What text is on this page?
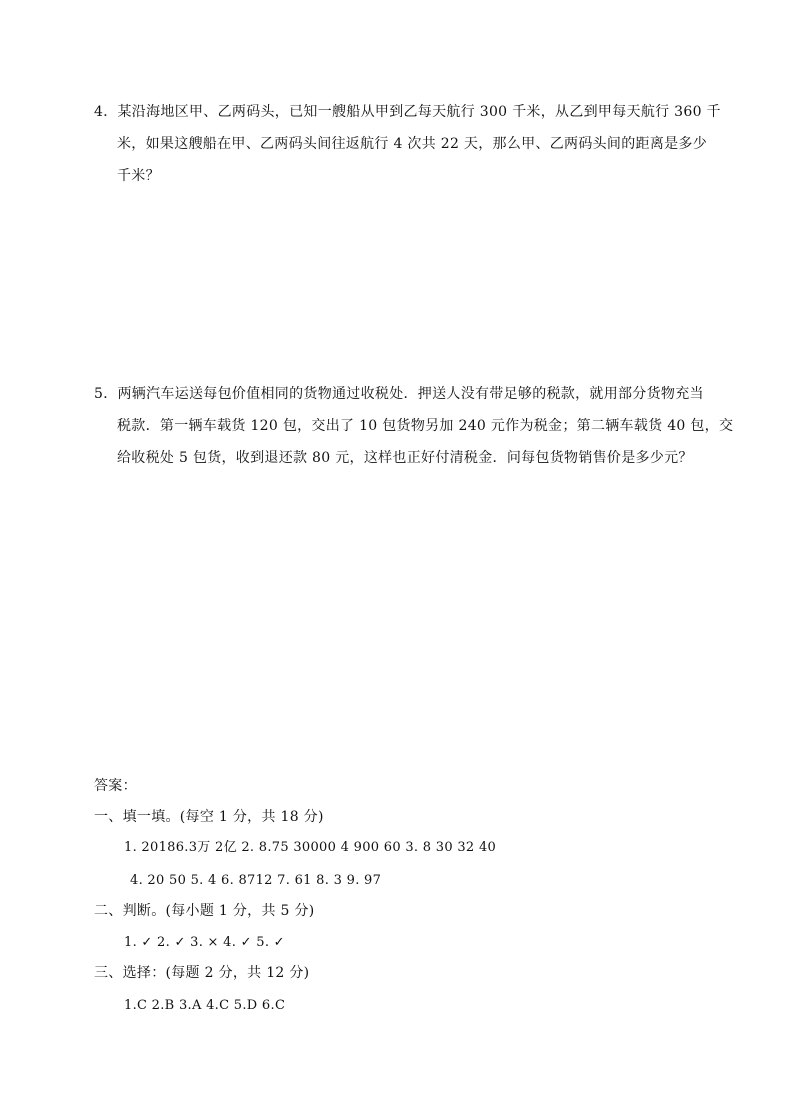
4．某沿海地区甲、乙两码头，已知一艘船从甲到乙每天航行 300 千米，从乙到甲每天航行 360 千
米，如果这艘船在甲、乙两码头间往返航行 4 次共 22 天，那么甲、乙两码头间的距离是多少
千米？
5．两辆汽车运送每包价值相同的货物通过收税处．押送人没有带足够的税款，就用部分货物充当
税款．第一辆车载货 120 包，交出了 10 包货物另加 240 元作为税金；第二辆车载货 40 包，交
给收税处 5 包货，收到退还款 80 元，这样也正好付清税金．问每包货物销售价是多少元？
答案：
一、填一填。(每空 1 分，共 18 分)
1. 20186.3万 2亿 2. 8.75 30000 4 900 60 3. 8 30 32 40
4. 20 50 5. 4 6. 8712 7. 61 8. 3 9. 97
二、判断。(每小题 1 分，共 5 分)
1. ✓ 2. ✓ 3. × 4. ✓ 5. ✓
三、选择：(每题 2 分，共 12 分)
1.C 2.B 3.A 4.C 5.D 6.C
